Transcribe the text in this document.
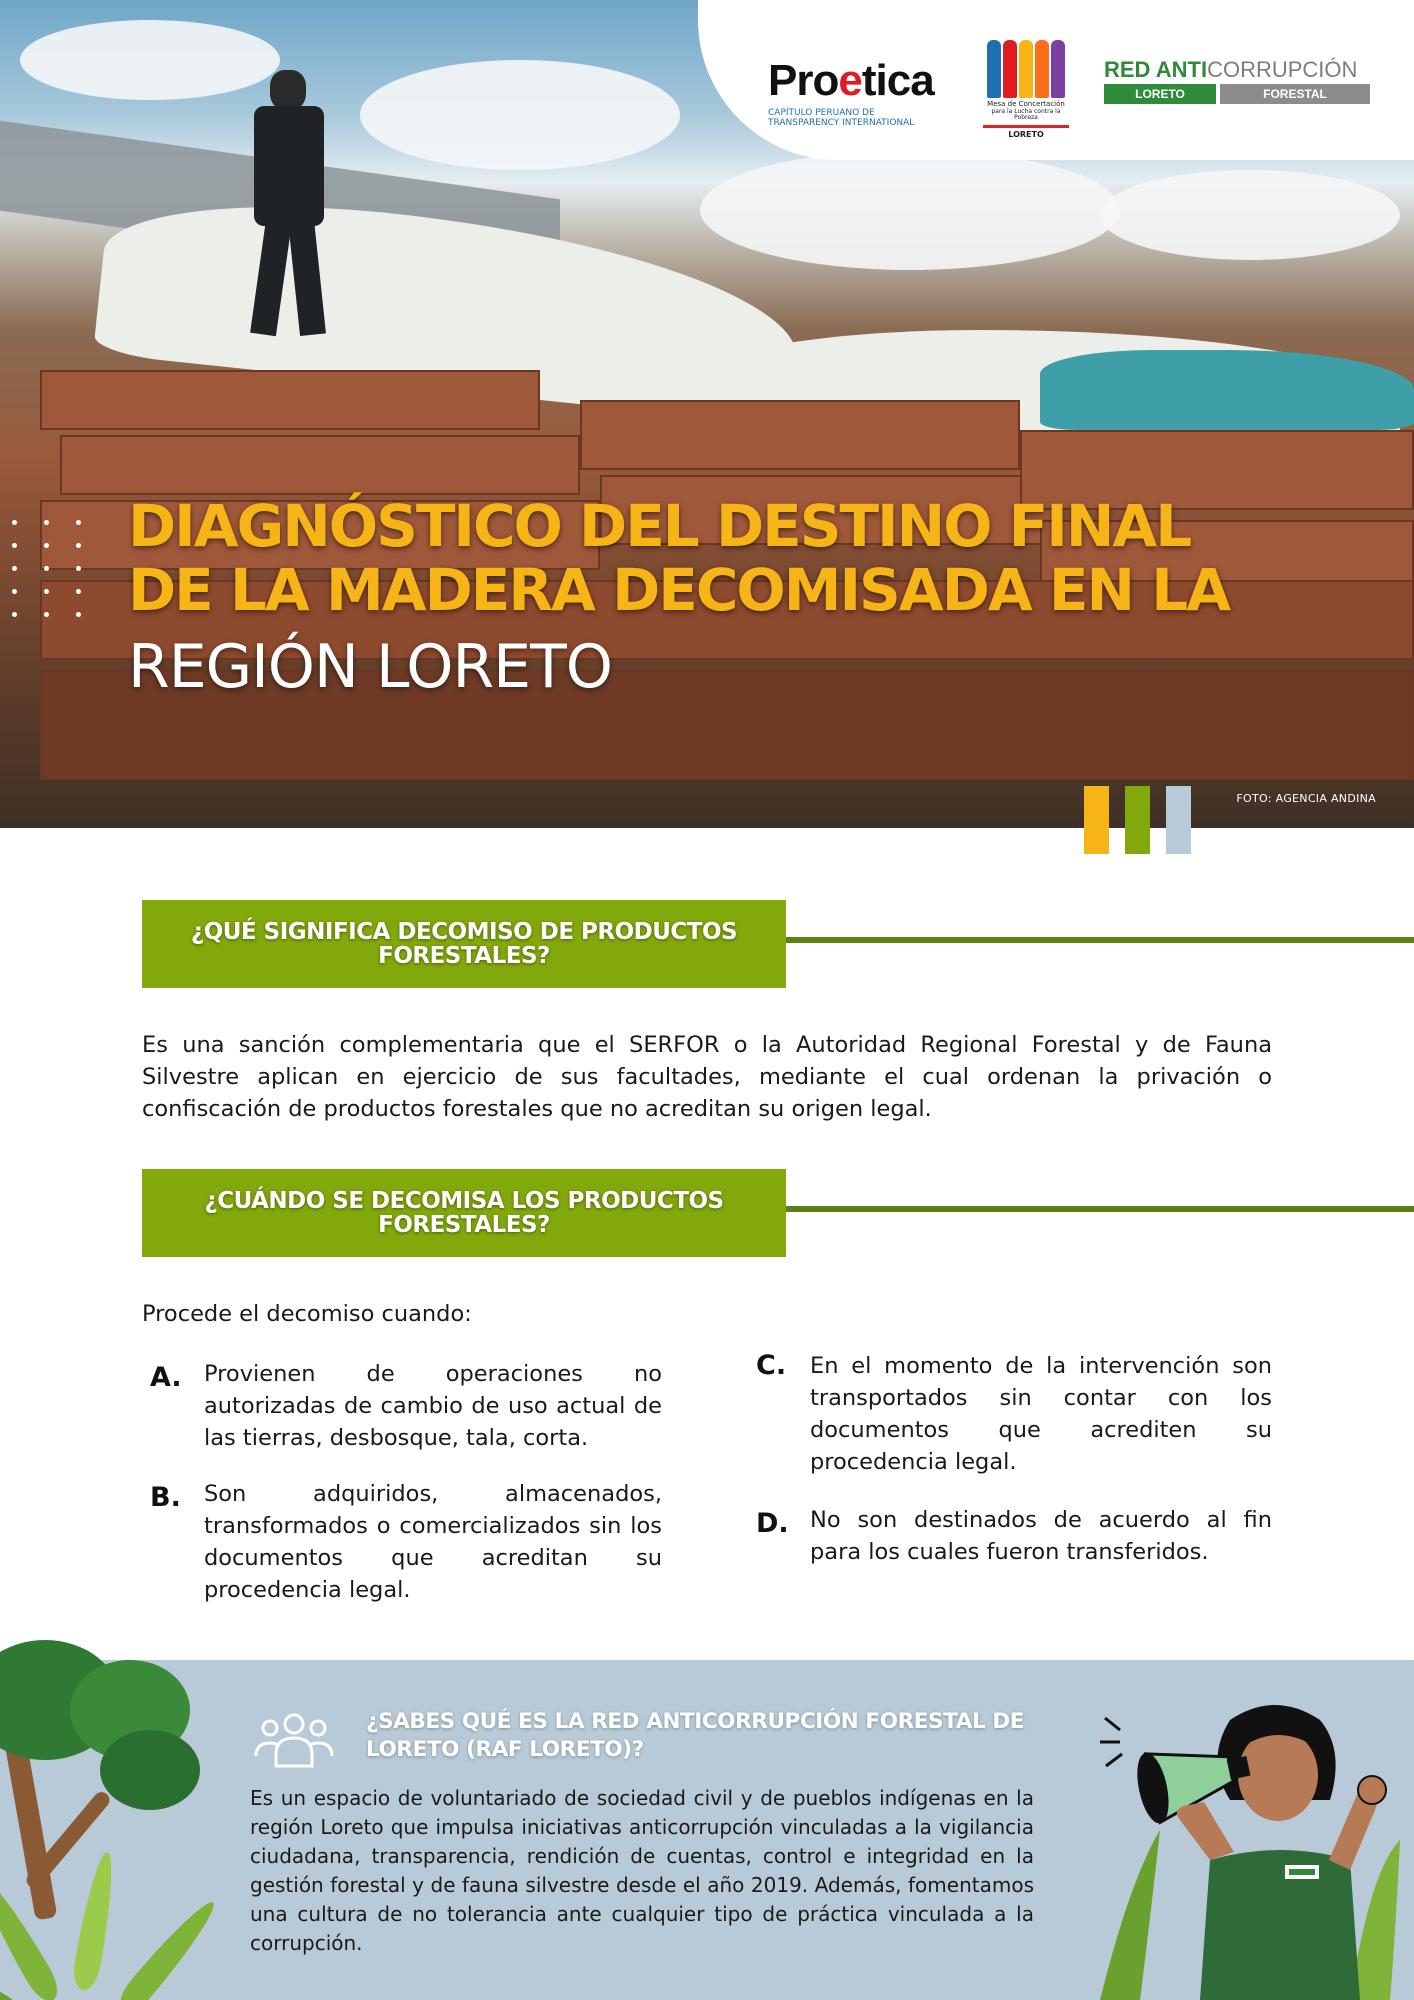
Proetica
CAPÍTULO PERUANO DE TRANSPARENCY INTERNATIONAL
Mesa de Concertación
para la Lucha contra la Pobreza
LORETO
RED ANTICORRUPCIÓN
LORETO	FORESTAL
DIAGNÓSTICO DEL DESTINO FINAL
DE LA MADERA DECOMISADA EN LA
REGIÓN LORETO
FOTO: AGENCIA ANDINA
¿QUÉ SIGNIFICA DECOMISO DE PRODUCTOS FORESTALES?
Es una sanción complementaria que el SERFOR o la Autoridad Regional Forestal y de Fauna Silvestre aplican en ejercicio de sus facultades, mediante el cual ordenan la privación o confiscación de productos forestales que no acreditan su origen legal.
¿CUÁNDO SE DECOMISA LOS PRODUCTOS FORESTALES?
Procede el decomiso cuando:
A. Provienen de operaciones no autorizadas de cambio de uso actual de las tierras, desbosque, tala, corta.
B. Son adquiridos, almacenados, transformados o comercializados sin los documentos que acreditan su procedencia legal.
C. En el momento de la intervención son transportados sin contar con los documentos que acrediten su procedencia legal.
D. No son destinados de acuerdo al fin para los cuales fueron transferidos.
¿SABES QUÉ ES LA RED ANTICORRUPCIÓN FORESTAL DE LORETO (RAF LORETO)?
Es un espacio de voluntariado de sociedad civil y de pueblos indígenas en la región Loreto que impulsa iniciativas anticorrupción vinculadas a la vigilancia ciudadana, transparencia, rendición de cuentas, control e integridad en la gestión forestal y de fauna silvestre desde el año 2019. Además, fomentamos una cultura de no tolerancia ante cualquier tipo de práctica vinculada a la corrupción.
